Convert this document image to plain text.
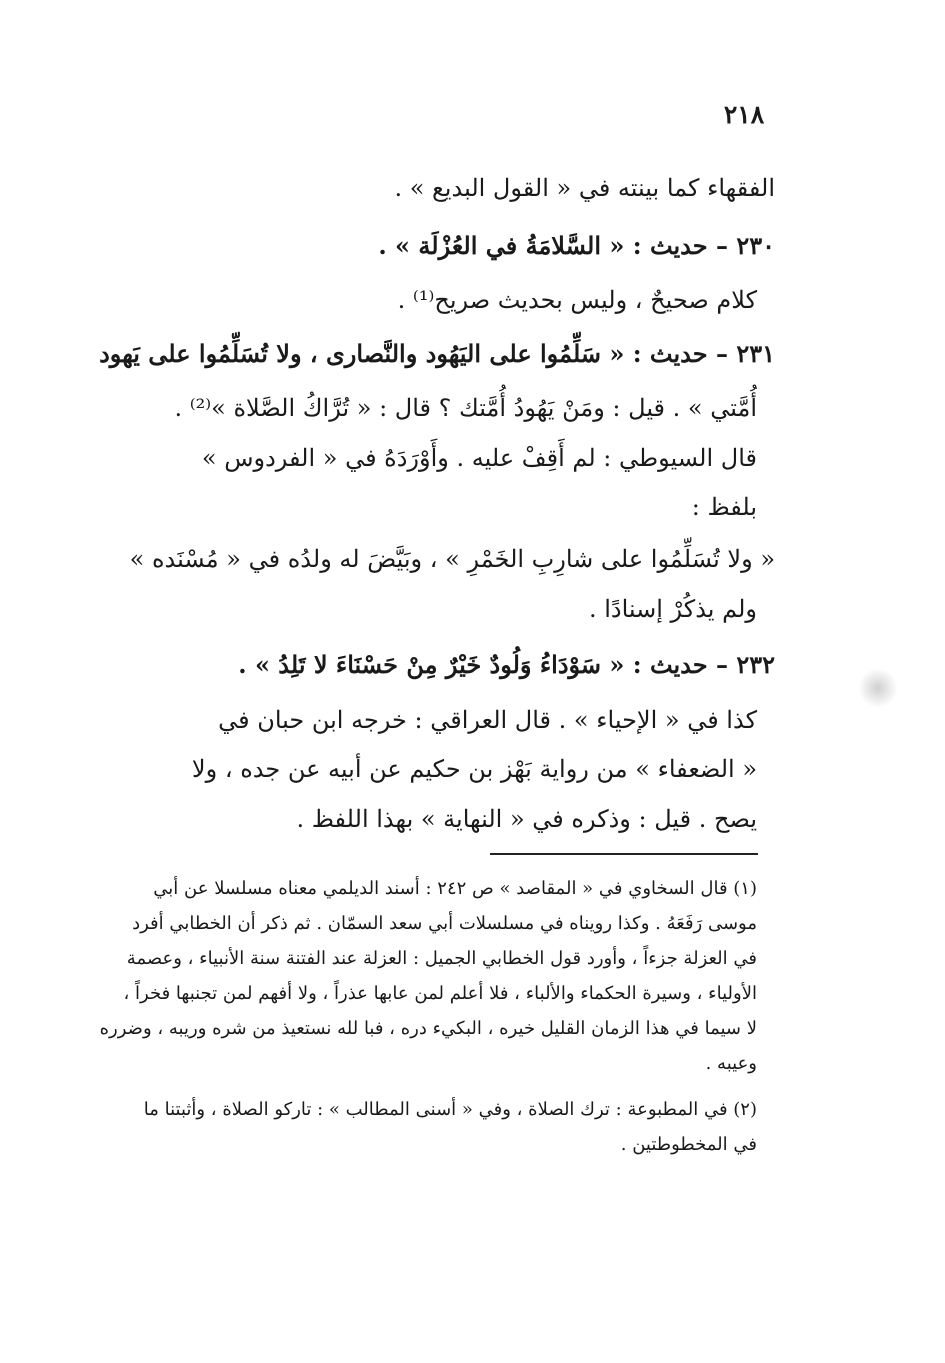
٢١٨
الفقهاء كما بينته في « القول البديع » .
٢٣٠ – حديث : « السَّلامَةُ في العُزْلَة » .
كلام صحيحٌ ، وليس بحديث صريح⁽¹⁾ .
٢٣١ – حديث : « سَلِّمُوا على اليَهُود والنَّصارى ، ولا تُسَلِّمُوا على يَهود
أُمَّتي » . قيل : ومَنْ يَهُودُ أُمَّتك ؟ قال : « تُرَّاكُ الصَّلاة »⁽²⁾ .
قال السيوطي : لم أَقِفْ عليه . وأَوْرَدَهُ في « الفردوس »
بلفظ :
« ولا تُسَلِّمُوا على شارِبِ الخَمْرِ » ، وبَيَّضَ له ولدُه في « مُسْنَده »
ولم يذكُرْ إسنادًا .
٢٣٢ – حديث : « سَوْدَاءُ وَلُودٌ خَيْرٌ مِنْ حَسْنَاءَ لا تَلِدُ » .
كذا في « الإحياء » . قال العراقي : خرجه ابن حبان في
« الضعفاء » من رواية بَهْز بن حكيم عن أبيه عن جده ، ولا
يصح . قيل : وذكره في « النهاية » بهذا اللفظ .
(١) قال السخاوي في « المقاصد » ص ٢٤٢ : أسند الديلمي معناه مسلسلا عن أبي
موسى رَفَعَهُ . وكذا رويناه في مسلسلات أبي سعد السمّان . ثم ذكر أن الخطابي أفرد
في العزلة جزءاً ، وأورد قول الخطابي الجميل : العزلة عند الفتنة سنة الأنبياء ، وعصمة
الأولياء ، وسيرة الحكماء والألباء ، فلا أعلم لمن عابها عذراً ، ولا أفهم لمن تجنبها فخراً ،
لا سيما في هذا الزمان القليل خيره ، البكيء دره ، فبا لله نستعيذ من شره وريبه ، وضرره
وعيبه .
(٢) في المطبوعة : ترك الصلاة ، وفي « أسنى المطالب » : تاركو الصلاة ، وأثبتنا ما
في المخطوطتين .
